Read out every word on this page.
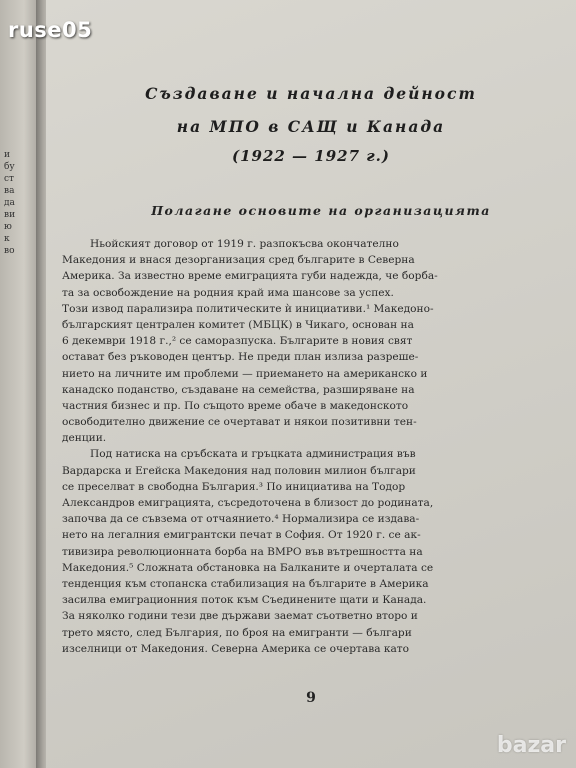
ruse05
и
бу
ст
ва
да
ви
ю
к
во
Създаване и начална дейност
на МПО в САЩ и Канада
(1922 — 1927 г.)
Полагане основите на организацията
Ньойският договор от 1919 г. разпокъсва окончателно
Македония и внася дезорганизация сред българите в Северна
Америка. За известно време емиграцията губи надежда, че борба-
та за освобождение на родния край има шансове за успех.
Този извод парализира политическите ѝ инициативи.¹ Македоно-
българският централен комитет (МБЦК) в Чикаго, основан на
6 декември 1918 г.,² се саморазпуска. Българите в новия свят
остават без ръководен център. Не преди план излиза разреше-
нието на личните им проблеми — приемането на американско и
канадско поданство, създаване на семейства, разширяване на
частния бизнес и пр. По същото време обаче в македонското
освободително движение се очертават и някои позитивни тен-
денции.
Под натиска на сръбската и гръцката администрация във
Вардарска и Егейска Македония над половин милион българи
се преселват в свободна България.³ По инициатива на Тодор
Александров емиграцията, съсредоточена в близост до родината,
започва да се съвзема от отчаянието.⁴ Нормализира се издава-
нето на легалния емигрантски печат в София. От 1920 г. се ак-
тивизира революционната борба на ВМРО във вътрешността на
Македония.⁵ Сложната обстановка на Балканите и очерталата се
тенденция към стопанска стабилизация на българите в Америка
засилва емиграционния поток към Съединените щати и Канада.
За няколко години тези две държави заемат съответно второ и
трето място, след България, по броя на емигранти — българи
изселници от Македония. Северна Америка се очертава като
9
bazar
